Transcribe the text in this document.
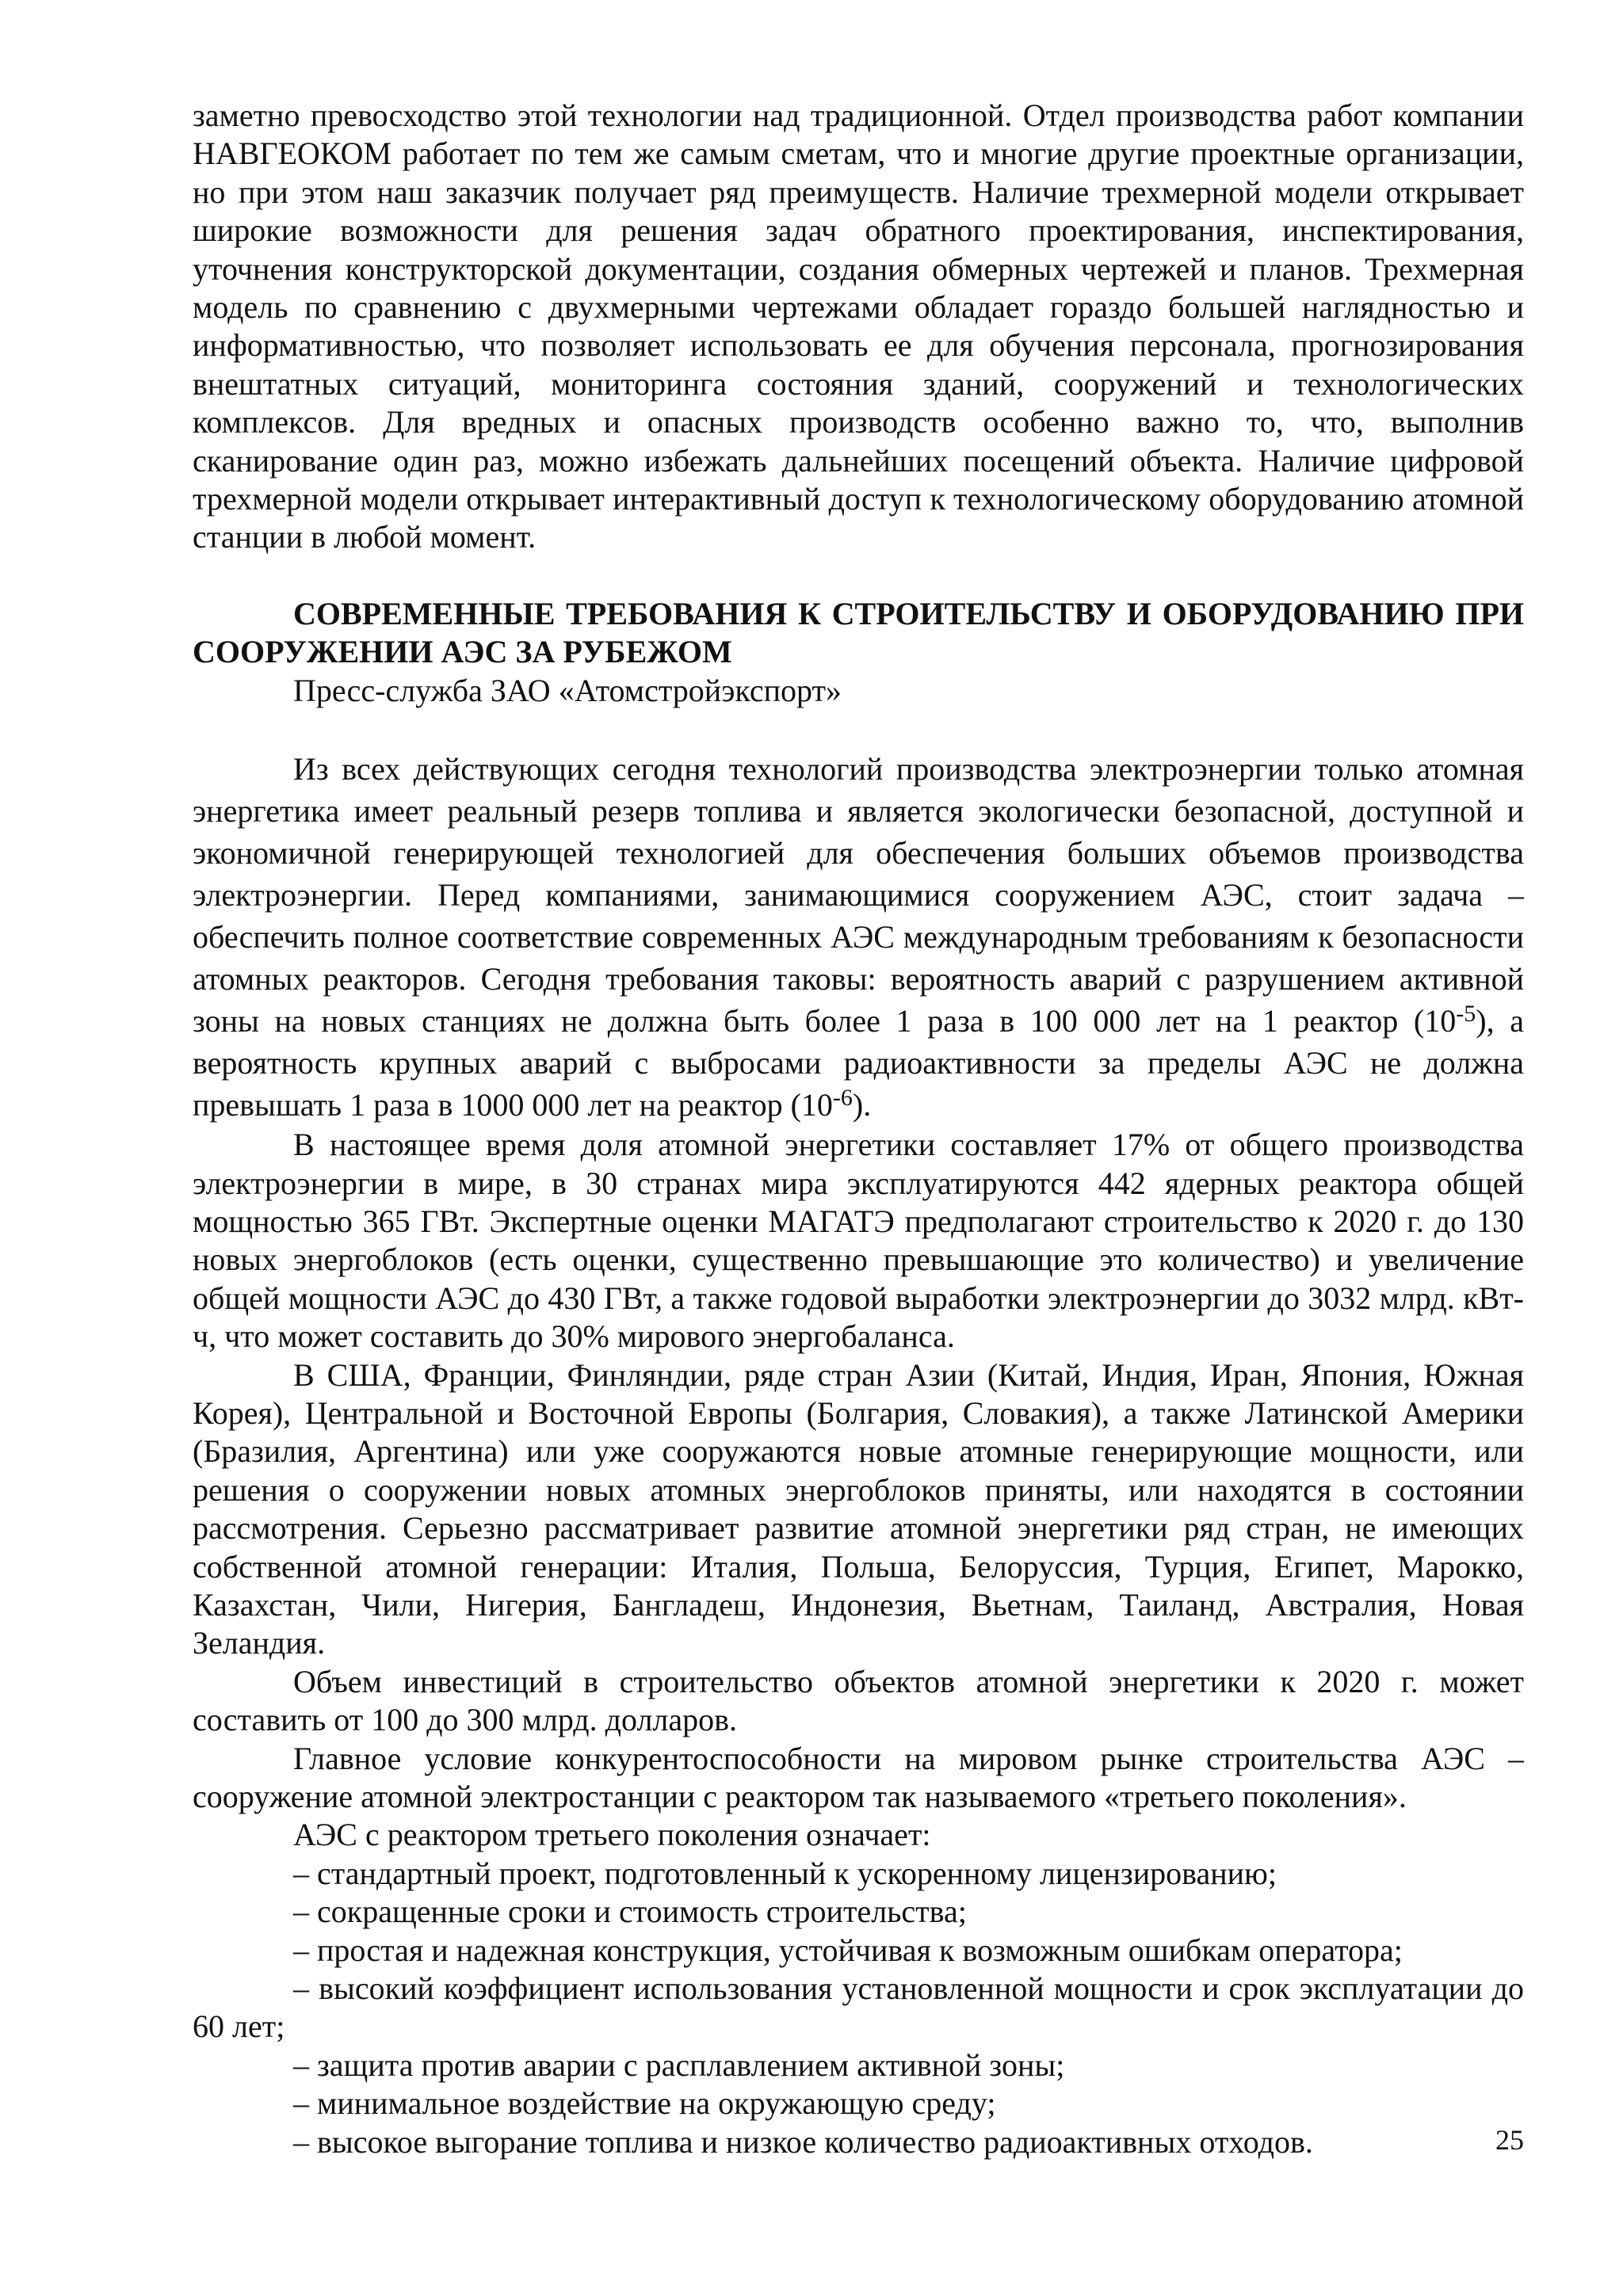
заметно превосходство этой технологии над традиционной. Отдел производства работ компании НАВГЕОКОМ работает по тем же самым сметам, что и многие другие проектные организации, но при этом наш заказчик получает ряд преимуществ. Наличие трехмерной модели открывает широкие возможности для решения задач обратного проектирования, инспектирования, уточнения конструкторской документации, создания обмерных чертежей и планов. Трехмерная модель по сравнению с двухмерными чертежами обладает гораздо большей наглядностью и информативностью, что позволяет использовать ее для обучения персонала, прогнозирования внештатных ситуаций, мониторинга состояния зданий, сооружений и технологических комплексов. Для вредных и опасных производств особенно важно то, что, выполнив сканирование один раз, можно избежать дальнейших посещений объекта. Наличие цифровой трехмерной модели открывает интерактивный доступ к технологическому оборудованию атомной станции в любой момент.

СОВРЕМЕННЫЕ ТРЕБОВАНИЯ К СТРОИТЕЛЬСТВУ И ОБОРУДОВАНИЮ ПРИ СООРУЖЕНИИ АЭС ЗА РУБЕЖОМ

Пресс-служба ЗАО «Атомстройэкспорт»

Из всех действующих сегодня технологий производства электроэнергии только атомная энергетика имеет реальный резерв топлива и является экологически безопасной, доступной и экономичной генерирующей технологией для обеспечения больших объемов производства электроэнергии. Перед компаниями, занимающимися сооружением АЭС, стоит задача – обеспечить полное соответствие современных АЭС международным требованиям к безопасности атомных реакторов. Сегодня требования таковы: вероятность аварий с разрушением активной зоны на новых станциях не должна быть более 1 раза в 100 000 лет на 1 реактор $(10^{-5})$, а вероятность крупных аварий с выбросами радиоактивности за пределы АЭС не должна превышать 1 раза в 1000 000 лет на реактор $(10^{-6})$.

В настоящее время доля атомной энергетики составляет 17% от общего производства электроэнергии в мире, в 30 странах мира эксплуатируются 442 ядерных реактора общей мощностью 365 ГВт. Экспертные оценки МАГАТЭ предполагают строительство к 2020 г. до 130 новых энергоблоков (есть оценки, существенно превышающие это количество) и увеличение общей мощности АЭС до 430 ГВт, а также годовой выработки электроэнергии до 3032 млрд. кВт-ч, что может составить до 30% мирового энергобаланса.

В США, Франции, Финляндии, ряде стран Азии (Китай, Индия, Иран, Япония, Южная Корея), Центральной и Восточной Европы (Болгария, Словакия), а также Латинской Америки (Бразилия, Аргентина) или уже сооружаются новые атомные генерирующие мощности, или решения о сооружении новых атомных энергоблоков приняты, или находятся в состоянии рассмотрения. Серьезно рассматривает развитие атомной энергетики ряд стран, не имеющих собственной атомной генерации: Италия, Польша, Белоруссия, Турция, Египет, Марокко, Казахстан, Чили, Нигерия, Бангладеш, Индонезия, Вьетнам, Таиланд, Австралия, Новая Зеландия.

Объем инвестиций в строительство объектов атомной энергетики к 2020 г. может составить от 100 до 300 млрд. долларов.

Главное условие конкурентоспособности на мировом рынке строительства АЭС – сооружение атомной электростанции с реактором так называемого «третьего поколения».

АЭС с реактором третьего поколения означает:

– стандартный проект, подготовленный к ускоренному лицензированию;

– сокращенные сроки и стоимость строительства;

– простая и надежная конструкция, устойчивая к возможным ошибкам оператора;

– высокий коэффициент использования установленной мощности и срок эксплуатации до 60 лет;

– защита против аварии с расплавлением активной зоны;

– минимальное воздействие на окружающую среду;

– высокое выгорание топлива и низкое количество радиоактивных отходов.	25
